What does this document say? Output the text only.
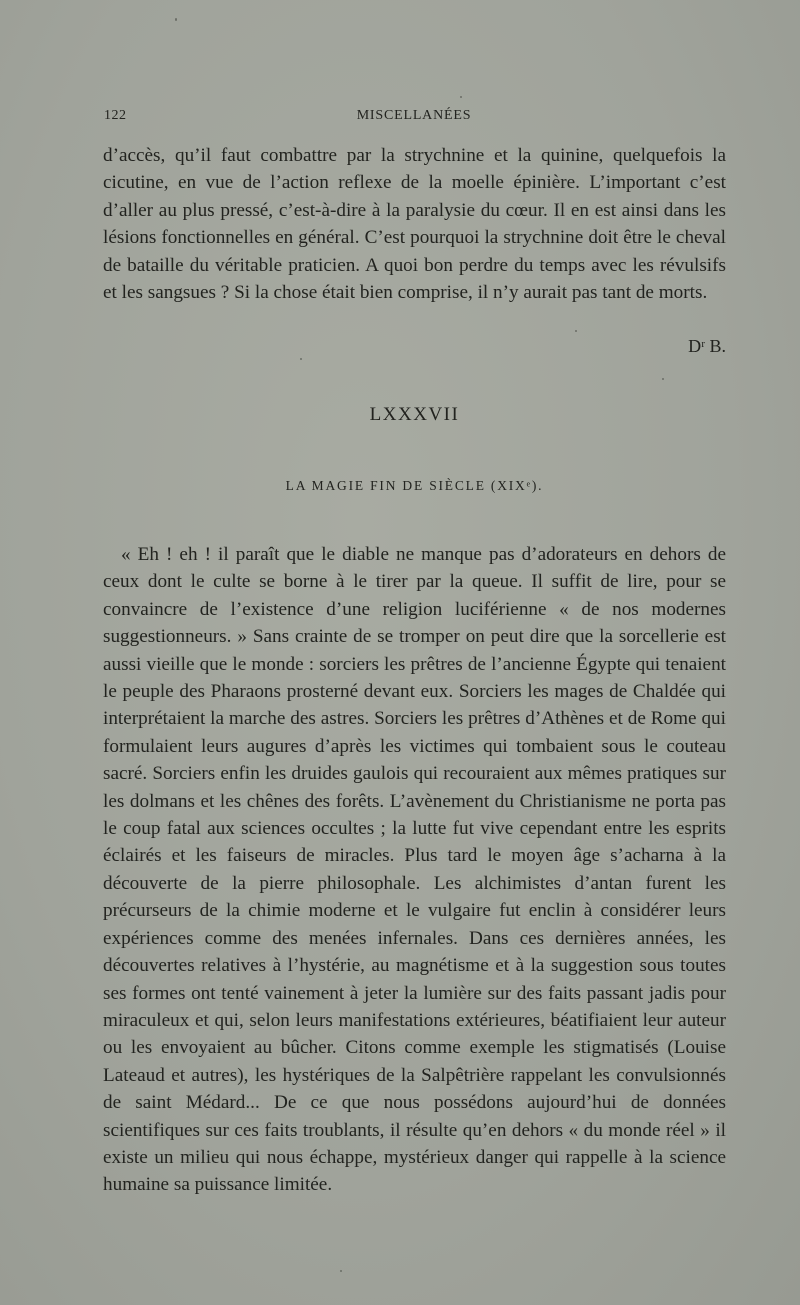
122	MISCELLANÉES

d’accès, qu’il faut combattre par la strychnine et la quinine, quelquefois la cicutine, en vue de l’action reflexe de la moelle épinière. L’important c’est d’aller au plus pressé, c’est-à-dire à la paralysie du cœur. Il en est ainsi dans les lésions fonctionnelles en général. C’est pourquoi la strychnine doit être le cheval de bataille du véritable praticien. A quoi bon perdre du temps avec les révulsifs et les sangsues ? Si la chose était bien comprise, il n’y aurait pas tant de morts.

Dʳ B.
LXXXVII
LA MAGIE FIN DE SIÈCLE (XIXᵉ).

« Eh ! eh ! il paraît que le diable ne manque pas d’adorateurs en dehors de ceux dont le culte se borne à le tirer par la queue. Il suffit de lire, pour se convaincre de l’existence d’une religion luciférienne « de nos modernes suggestionneurs. » Sans crainte de se tromper on peut dire que la sorcellerie est aussi vieille que le monde : sorciers les prêtres de l’ancienne Égypte qui tenaient le peuple des Pharaons prosterné devant eux. Sorciers les mages de Chaldée qui interprétaient la marche des astres. Sorciers les prêtres d’Athènes et de Rome qui formulaient leurs augures d’après les victimes qui tombaient sous le couteau sacré. Sorciers enfin les druides gaulois qui recouraient aux mêmes pratiques sur les dolmans et les chênes des forêts. L’avènement du Christianisme ne porta pas le coup fatal aux sciences occultes ; la lutte fut vive cependant entre les esprits éclairés et les faiseurs de miracles. Plus tard le moyen âge s’acharna à la découverte de la pierre philosophale. Les alchimistes d’antan furent les précurseurs de la chimie moderne et le vulgaire fut enclin à considérer leurs expériences comme des menées infernales. Dans ces dernières années, les découvertes relatives à l’hystérie, au magnétisme et à la suggestion sous toutes ses formes ont tenté vainement à jeter la lumière sur des faits passant jadis pour miraculeux et qui, selon leurs manifestations extérieures, béatifiaient leur auteur ou les envoyaient au bûcher. Citons comme exemple les stigmatisés (Louise Lateaud et autres), les hystériques de la Salpêtrière rappelant les convulsionnés de saint Médard... De ce que nous possédons aujourd’hui de données scientifiques sur ces faits troublants, il résulte qu’en dehors « du monde réel » il existe un milieu qui nous échappe, mystérieux danger qui rappelle à la science humaine sa puissance limitée.
